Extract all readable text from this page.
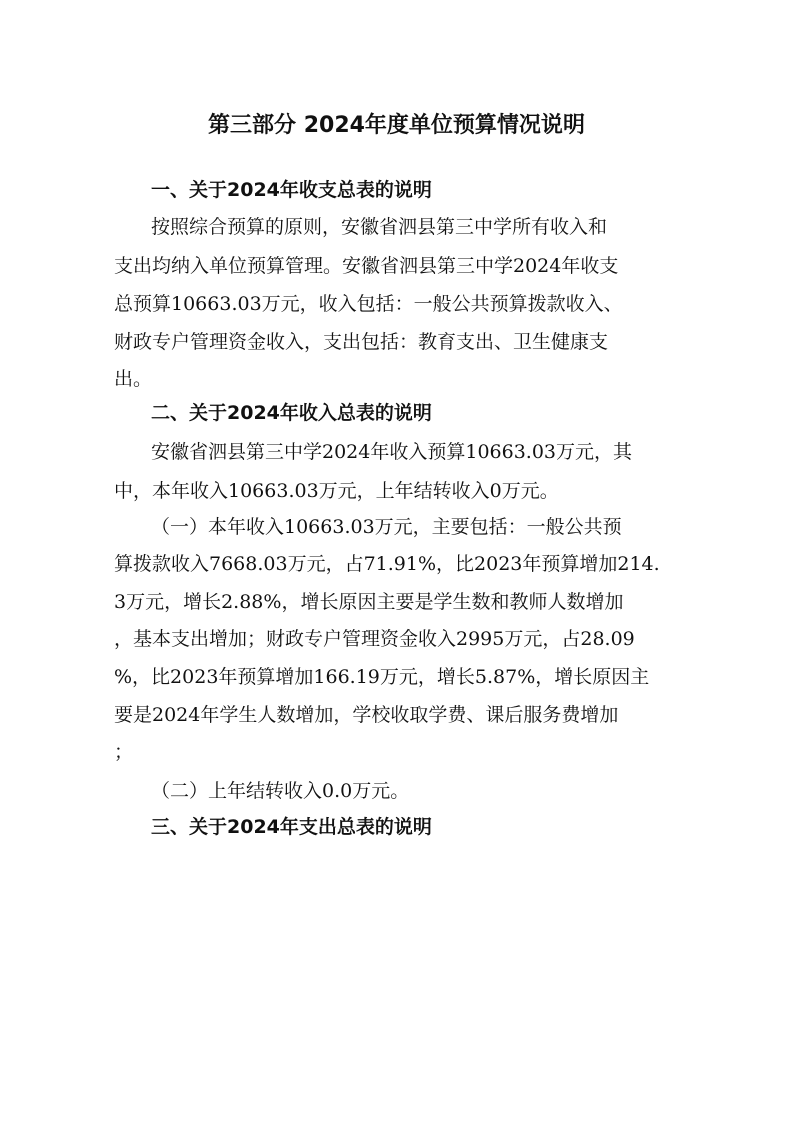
第三部分 2024年度单位预算情况说明
一、关于2024年收支总表的说明

按照综合预算的原则，安徽省泗县第三中学所有收入和

支出均纳入单位预算管理。安徽省泗县第三中学2024年收支

总预算10663.03万元，收入包括：一般公共预算拨款收入、

财政专户管理资金收入，支出包括：教育支出、卫生健康支

出。

二、关于2024年收入总表的说明

安徽省泗县第三中学2024年收入预算10663.03万元，其

中，本年收入10663.03万元，上年结转收入0万元。

（一）本年收入10663.03万元，主要包括：一般公共预

算拨款收入7668.03万元，占71.91%，比2023年预算增加214.

3万元，增长2.88%，增长原因主要是学生数和教师人数增加

，基本支出增加；财政专户管理资金收入2995万元，占28.09

%，比2023年预算增加166.19万元，增长5.87%，增长原因主

要是2024年学生人数增加，学校收取学费、课后服务费增加

；

（二）上年结转收入0.0万元。

三、关于2024年支出总表的说明
